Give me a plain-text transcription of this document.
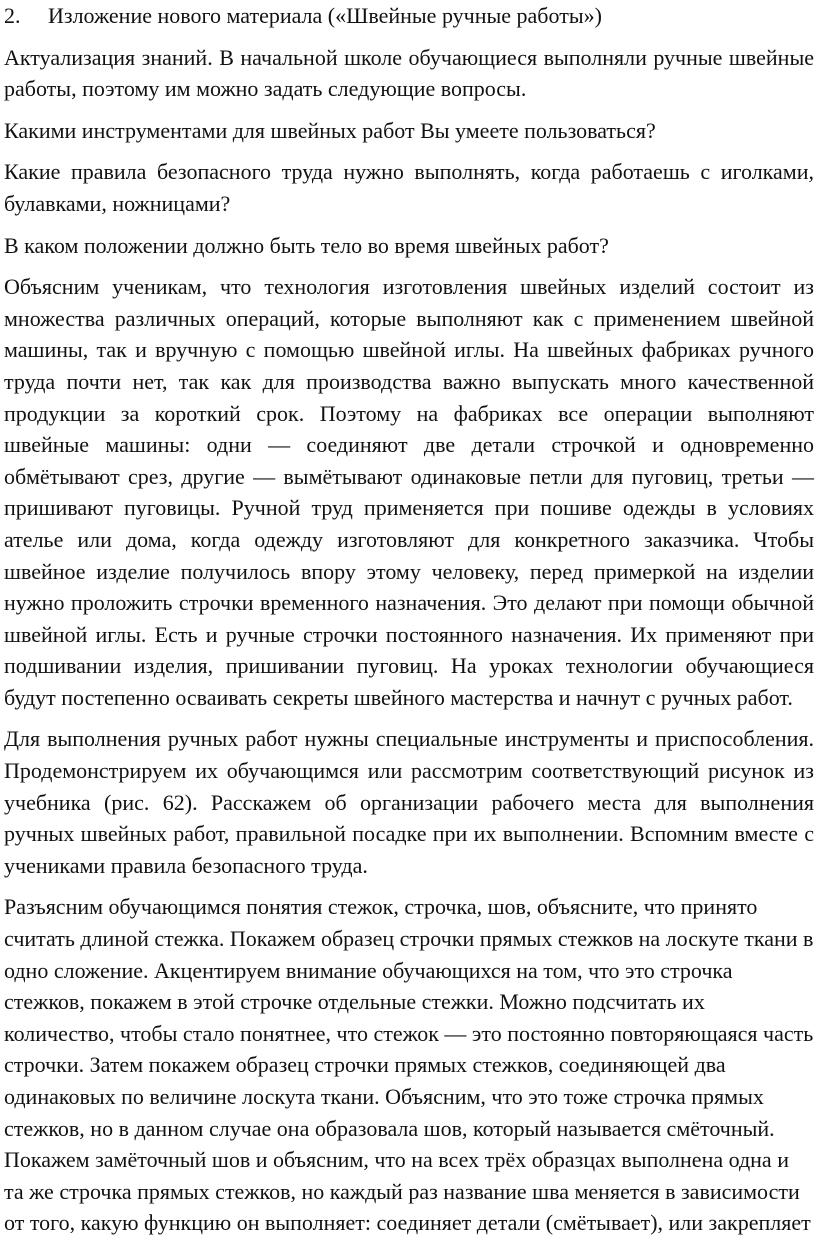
2.	Изложение нового материала («Швейные ручные работы»)

Актуализация знаний. В начальной школе обучающиеся выполняли ручные швейные работы, поэтому им можно задать следующие вопросы.

Какими инструментами для швейных работ Вы умеете пользоваться?

Какие правила безопасного труда нужно выполнять, когда работаешь с иголками, булавками, ножницами?

В каком положении должно быть тело во время швейных работ?

Объясним ученикам, что технология изготовления швейных изделий состоит из множества различных операций, которые выполняют как с применением швейной машины, так и вручную с помощью швейной иглы. На швейных фабриках ручного труда почти нет, так как для производства важно выпускать много качественной продукции за короткий срок. Поэтому на фабриках все операции выполняют швейные машины: одни — соединяют две детали строчкой и одновременно обмётывают срез, другие — вымётывают одинаковые петли для пуговиц, третьи — пришивают пуговицы. Ручной труд применяется при пошиве одежды в условиях ателье или дома, когда одежду изготовляют для конкретного заказчика. Чтобы швейное изделие получилось впору этому человеку, перед примеркой на изделии нужно проложить строчки временного назначения. Это делают при помощи обычной швейной иглы. Есть и ручные строчки постоянного назначения. Их применяют при подшивании изделия, пришивании пуговиц. На уроках технологии обучающиеся будут постепенно осваивать секреты швейного мастерства и начнут с ручных работ.

Для выполнения ручных работ нужны специальные инструменты и приспособления. Продемонстрируем их обучающимся или рассмотрим соответствующий рисунок из учебника (рис. 62). Расскажем об организации рабочего места для выполнения ручных швейных работ, правильной посадке при их выполнении. Вспомним вместе с учениками правила безопасного труда.

Разъясним обучающимся понятия стежок, строчка, шов, объясните, что принято считать длиной стежка. Покажем образец строчки прямых стежков на лоскуте ткани в одно сложение. Акцентируем внимание обучающихся на том, что это строчка стежков, покажем в этой строчке отдельные стежки. Можно подсчитать их количество, чтобы стало понятнее, что стежок — это постоянно повторяющаяся часть строчки. Затем покажем образец строчки прямых стежков, соединяющей два одинаковых по величине лоскута ткани. Объясним, что это тоже строчка прямых стежков, но в данном случае она образовала шов, который называется смёточный. Покажем замёточный шов и объясним, что на всех трёх образцах выполнена одна и та же строчка прямых стежков, но каждый раз название шва меняется в зависимости от того, какую функцию он выполняет: соединяет детали (смётывает), или закрепляет
